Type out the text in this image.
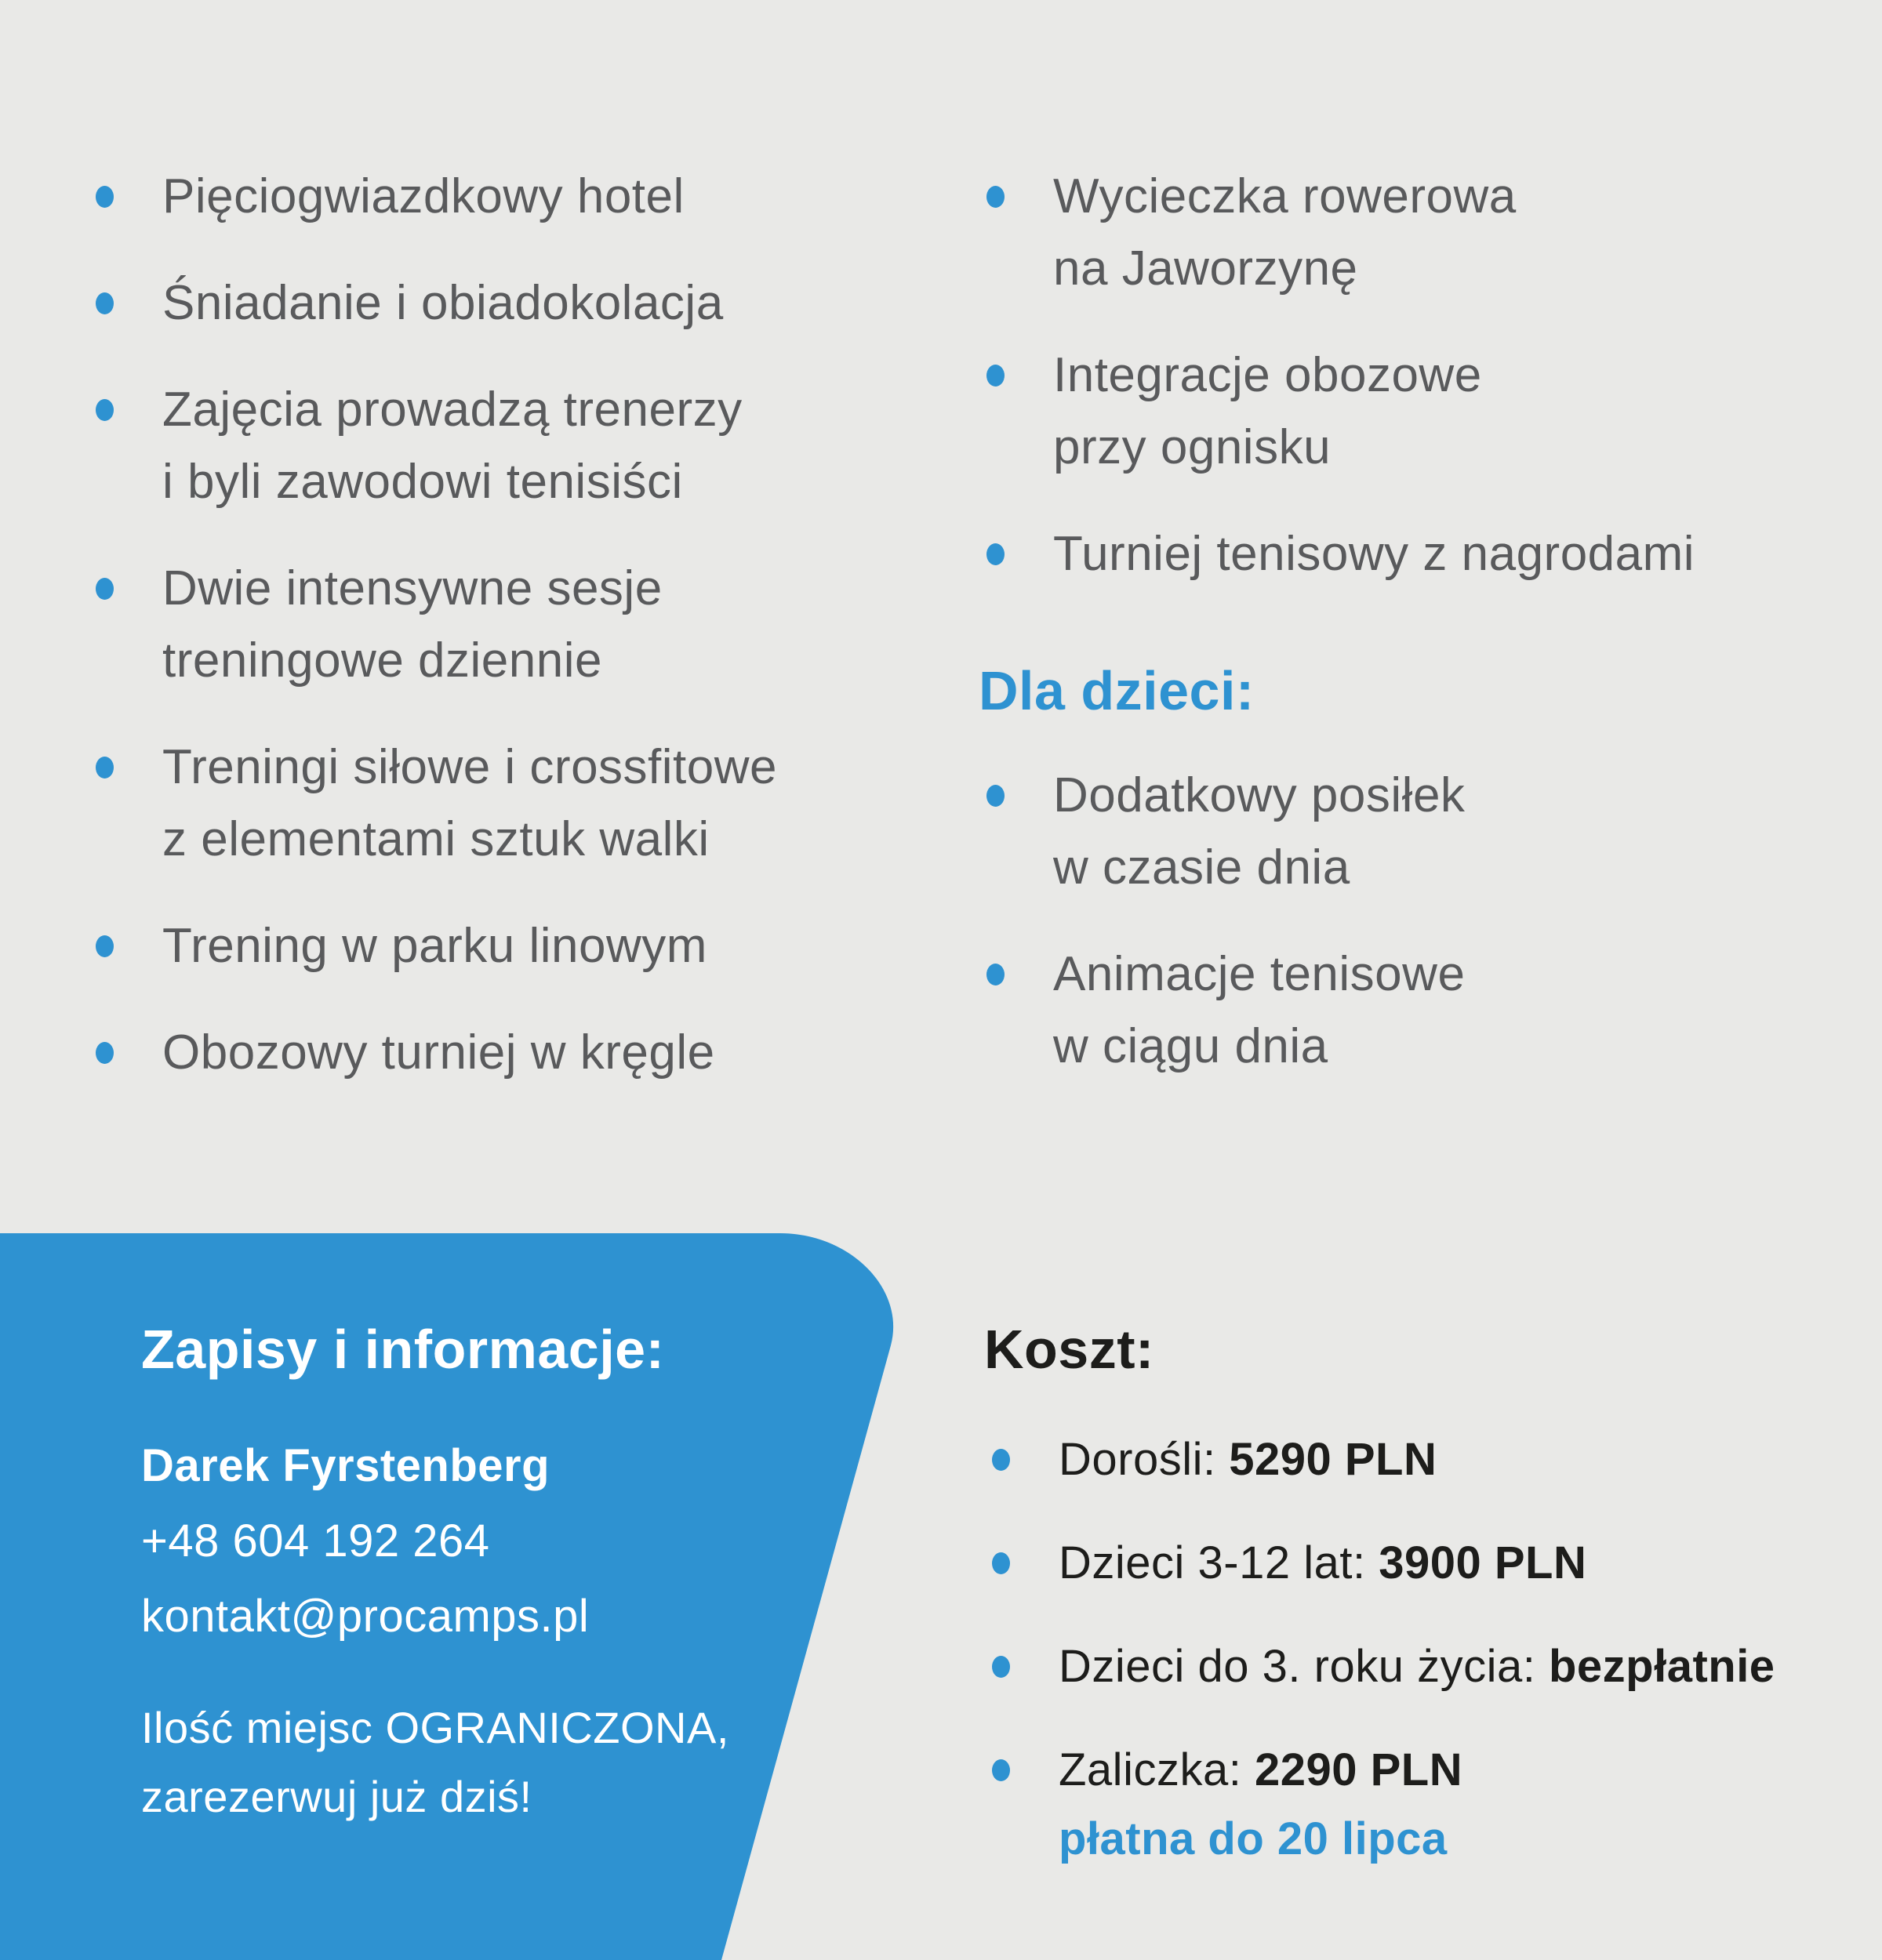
Pięciogwiazdkowy hotel
Śniadanie i obiadokolacja
Zajęcia prowadzą trenerzy
i byli zawodowi tenisiści
Dwie intensywne sesje
treningowe dziennie
Treningi siłowe i crossfitowe
z elementami sztuk walki
Trening w parku linowym
Obozowy turniej w kręgle
Wycieczka rowerowa
na Jaworzynę
Integracje obozowe
przy ognisku
Turniej tenisowy z nagrodami
Dla dzieci:
Dodatkowy posiłek
w czasie dnia
Animacje tenisowe
w ciągu dnia
Zapisy i informacje:
Darek Fyrstenberg
+48 604 192 264
kontakt@procamps.pl
Ilość miejsc OGRANICZONA,
zarezerwuj już dziś!
Koszt:
Dorośli: 5290 PLN
Dzieci 3-12 lat: 3900 PLN
Dzieci do 3. roku życia: bezpłatnie
Zaliczka: 2290 PLN
płatna do 20 lipca
